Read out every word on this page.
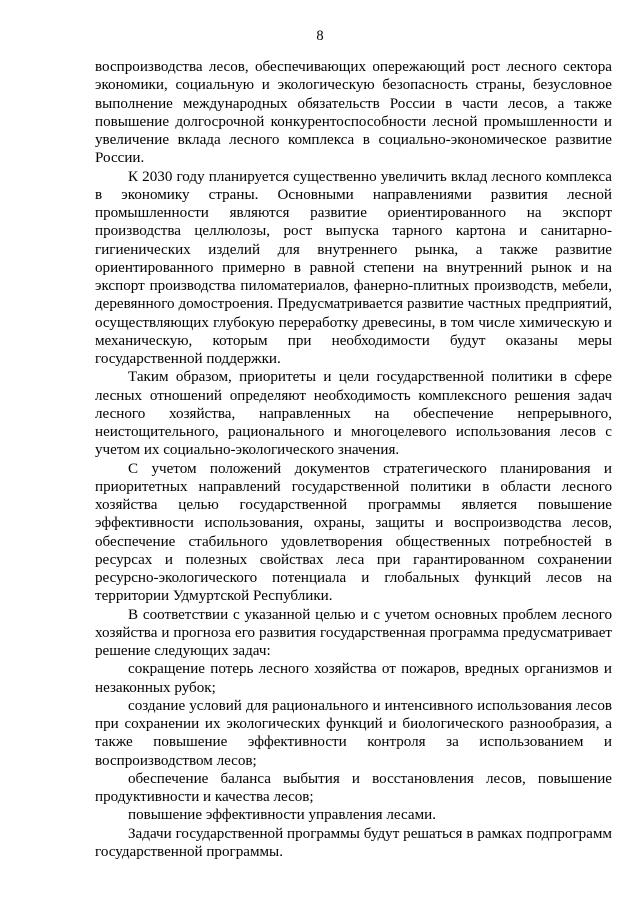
8

воспроизводства лесов, обеспечивающих опережающий рост лесного сектора экономики, социальную и экологическую безопасность страны, безусловное выполнение международных обязательств России в части лесов, а также повышение долгосрочной конкурентоспособности лесной промышленности и увеличение вклада лесного комплекса в социально-экономическое развитие России.

К 2030 году планируется существенно увеличить вклад лесного комплекса в экономику страны. Основными направлениями развития лесной промышленности являются развитие ориентированного на экспорт производства целлюлозы, рост выпуска тарного картона и санитарно-гигиенических изделий для внутреннего рынка, а также развитие ориентированного примерно в равной степени на внутренний рынок и на экспорт производства пиломатериалов, фанерно-плитных производств, мебели, деревянного домостроения. Предусматривается развитие частных предприятий, осуществляющих глубокую переработку древесины, в том числе химическую и механическую, которым при необходимости будут оказаны меры государственной поддержки.

Таким образом, приоритеты и цели государственной политики в сфере лесных отношений определяют необходимость комплексного решения задач лесного хозяйства, направленных на обеспечение непрерывного, неистощительного, рационального и многоцелевого использования лесов с учетом их социально-экологического значения.

С учетом положений документов стратегического планирования и приоритетных направлений государственной политики в области лесного хозяйства целью государственной программы является повышение эффективности использования, охраны, защиты и воспроизводства лесов, обеспечение стабильного удовлетворения общественных потребностей в ресурсах и полезных свойствах леса при гарантированном сохранении ресурсно-экологического потенциала и глобальных функций лесов на территории Удмуртской Республики.

В соответствии с указанной целью и с учетом основных проблем лесного хозяйства и прогноза его развития государственная программа предусматривает решение следующих задач:

сокращение потерь лесного хозяйства от пожаров, вредных организмов и незаконных рубок;

создание условий для рационального и интенсивного использования лесов при сохранении их экологических функций и биологического разнообразия, а также повышение эффективности контроля за использованием и воспроизводством лесов;

обеспечение баланса выбытия и восстановления лесов, повышение продуктивности и качества лесов;

повышение эффективности управления лесами.

Задачи государственной программы будут решаться в рамках подпрограмм государственной программы.
